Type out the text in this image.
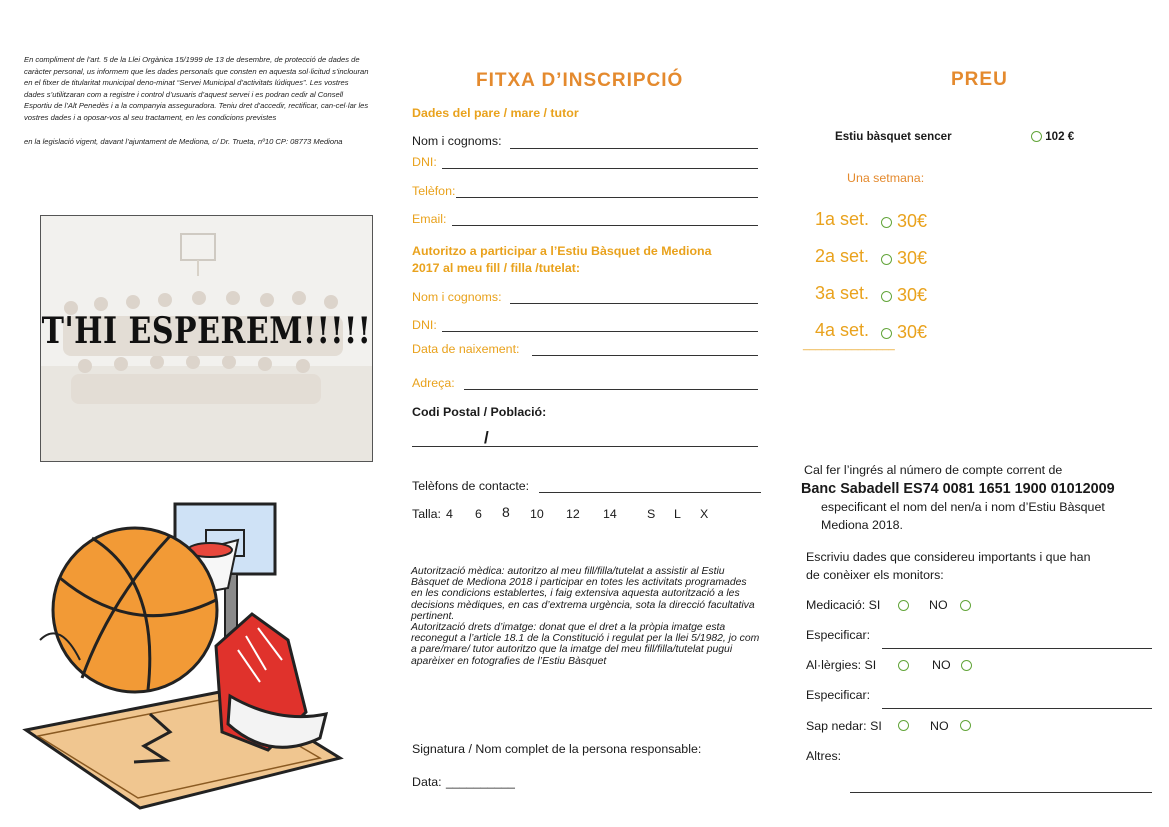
En compliment de l’art. 5 de la Llei Orgànica 15/1999 de 13 de desembre, de protecció de dades de caràcter personal, us informem que les dades personals que consten en aquesta sol·licitud s’inclouran en el fitxer de titularitat municipal deno-minat “Servei Municipal d’activitats lúdiques”. Les vostres dades s’utilitzaran com a registre i control d’usuaris d’aquest servei i es podran cedir al Consell Esportiu de l’Alt Penedès i a la companyia asseguradora. Teniu dret d’accedir, rectificar, can-cel·lar les vostres dades i a oposar-vos al seu tractament, en les condicions previstes

en la legislació vigent, davant l’ajuntament de Mediona, c/ Dr. Trueta, nº10 CP: 08773 Mediona

T'HI ESPEREM!!!!!
DT
FITXA D’INSCRIPCIÓ
Dades del pare / mare / tutor
Nom i cognoms:
DNI:
Telèfon:
Email:
Autoritzo a participar a l’Estiu Bàsquet de Mediona
2017 al meu fill / filla /tutelat:
Nom i cognoms:
DNI:
Data de naixement:
Adreça:
Codi Postal / Població:
/
Telèfons de contacte:
Talla: 4 6 8 10 12 14 S L X

Autorització mèdica: autoritzo al meu fill/filla/tutelat a assistir al Estiu Bàsquet de Mediona 2018 i participar en totes les activitats programades en les condicions establertes, i faig extensiva aquesta autorització a les decisions mèdiques, en cas d’extrema urgència, sota la direcció facultativa pertinent.

Autorització drets d’imatge: donat que el dret a la pròpia imatge esta reconegut a l’article 18.1 de la Constitució i regulat per la llei 5/1982, jo com a pare/mare/ tutor autoritzo que la imatge del meu fill/filla/tutelat pugui aparèixer en fotografies de l’Estiu Bàsquet

Signatura / Nom complet de la persona responsable:
Data: __________
PREU
Estiu bàsquet sencer	102 €
Una setmana:
1a set.	30€
2a set.	30€
3a set.	30€
4a set.	30€
_______________
Cal fer l’ingrés al número de compte corrent de
Banc Sabadell ES74 0081 1651 1900 01012009
especificant el nom del nen/a i nom d’Estiu Bàsquet
Mediona 2018.
Escriviu dades que considereu importants i que han
de conèixer els monitors:
Medicació: SI	NO
Especificar:
Al·lèrgies: SI	NO
Especificar:
Sap nedar: SI	NO
Altres:
